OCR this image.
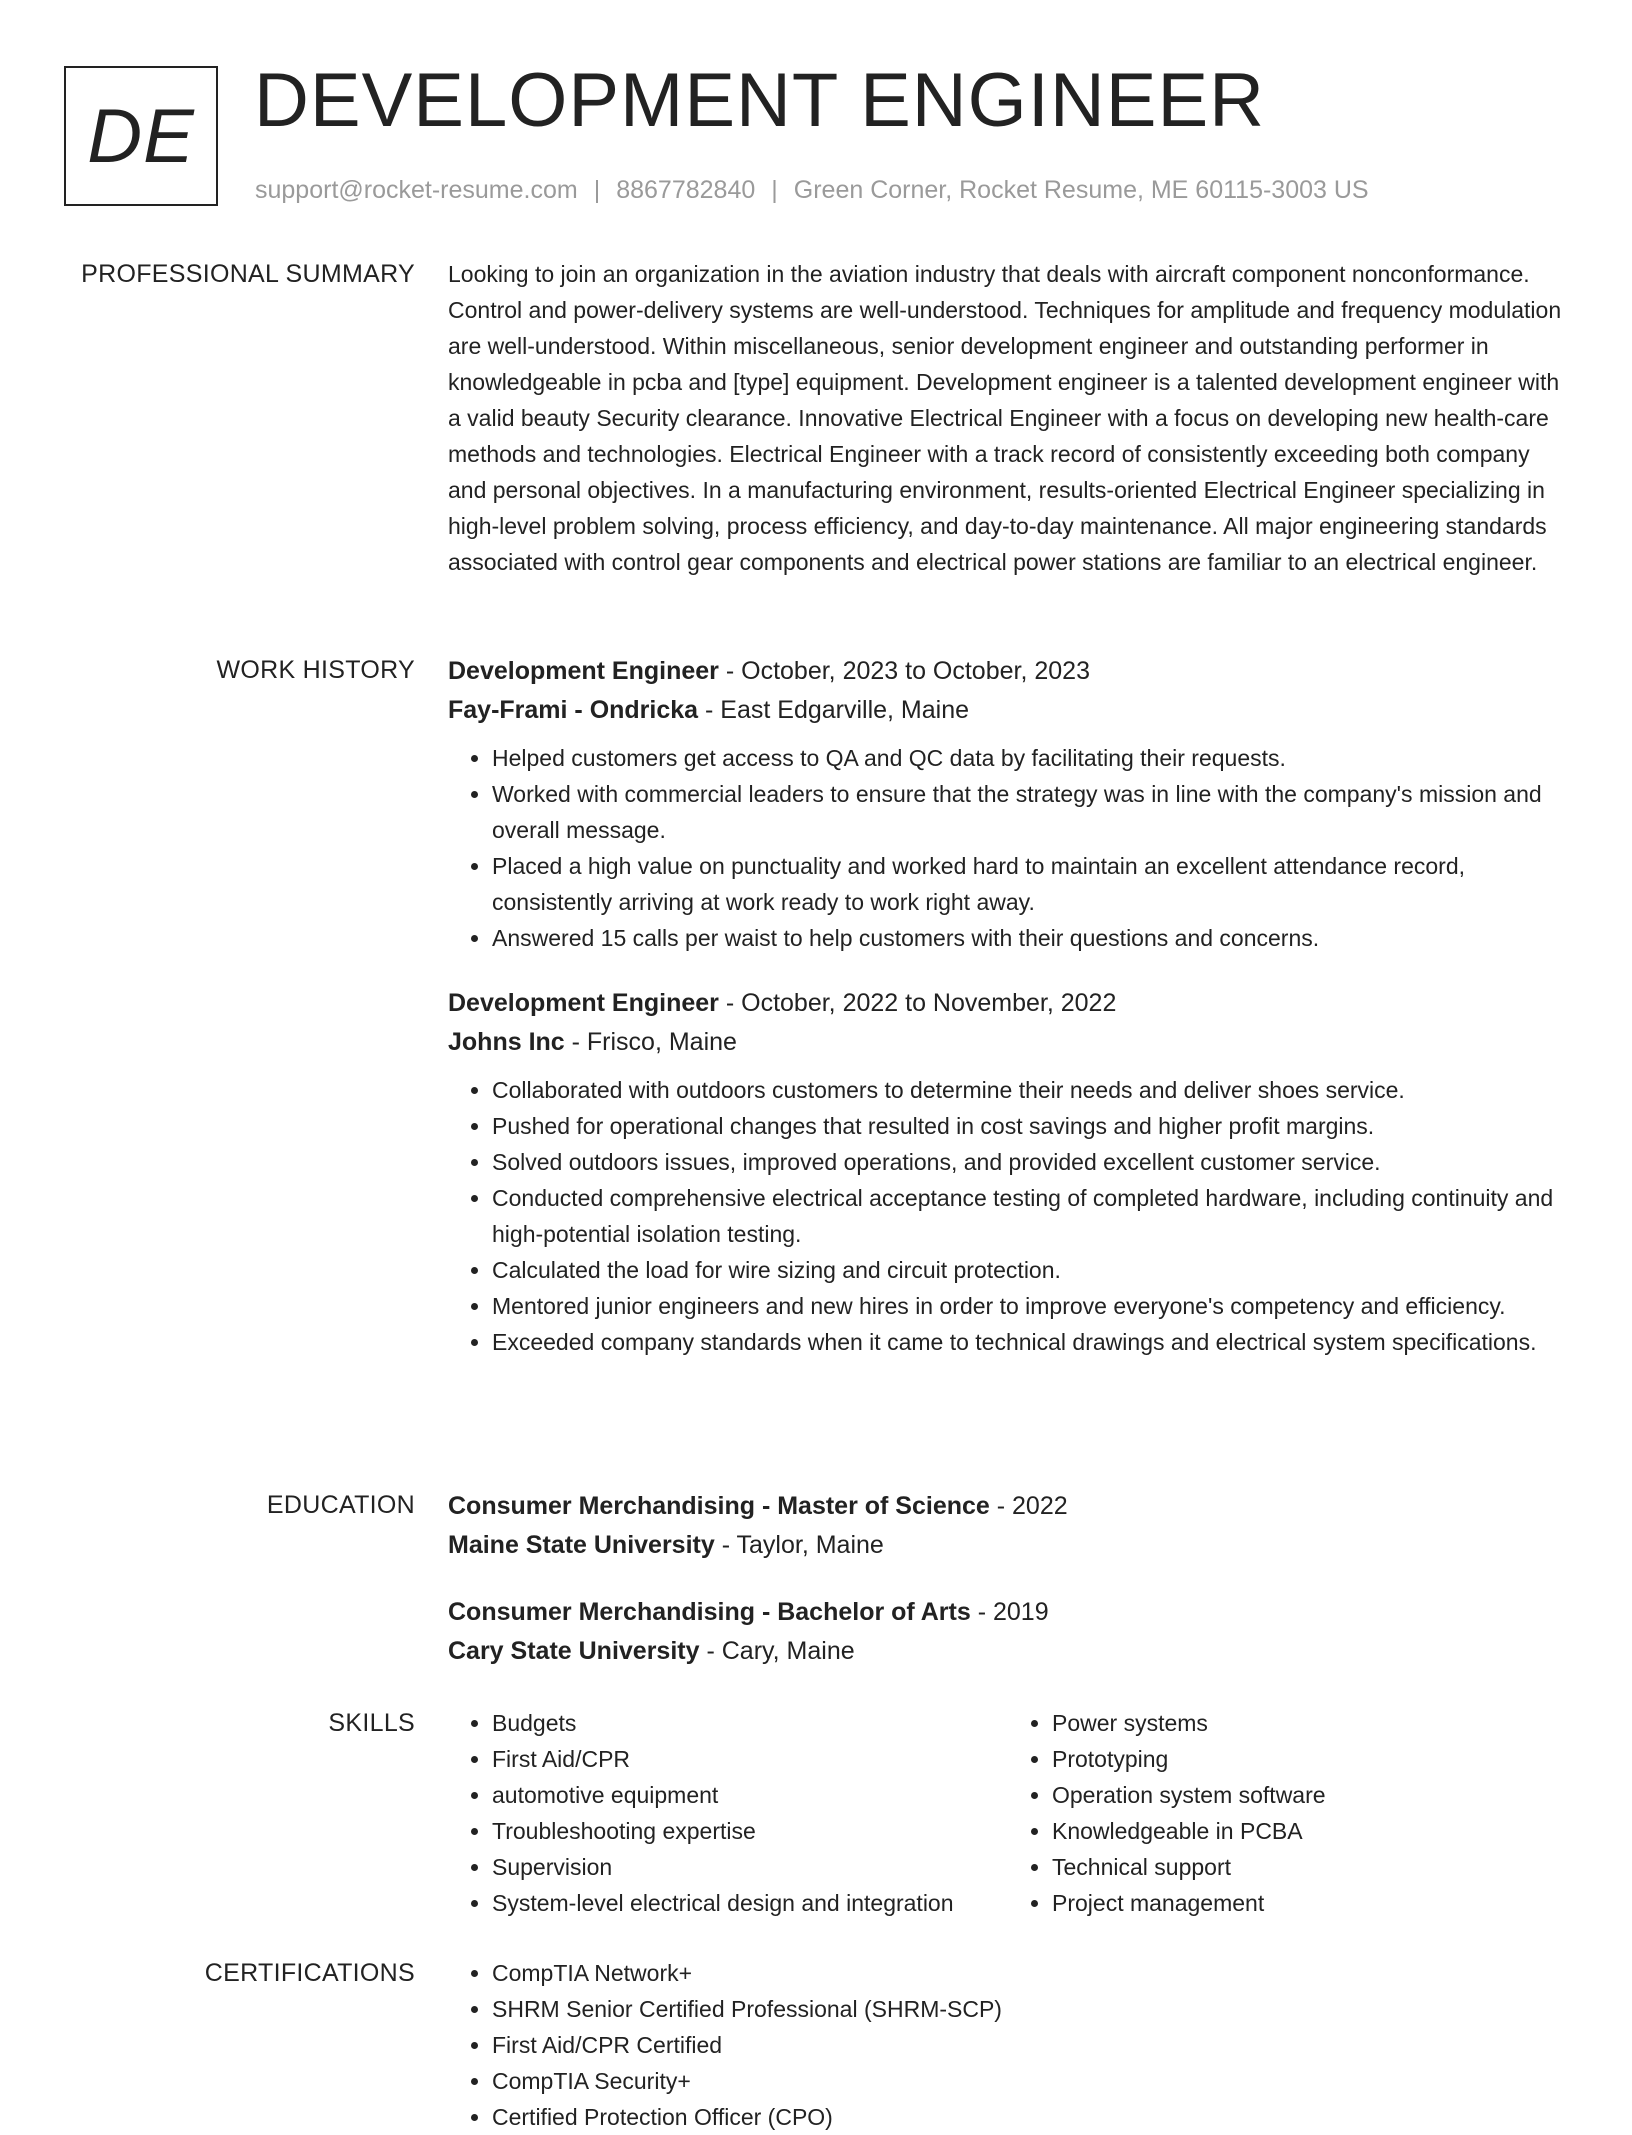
DE DEVELOPMENT ENGINEER
support@rocket-resume.com | 8867782840 | Green Corner, Rocket Resume, ME 60115-3003 US
PROFESSIONAL SUMMARY Looking to join an organization in the aviation industry that deals with aircraft component nonconformance. Control and power-delivery systems are well-understood. Techniques for amplitude and frequency modulation are well-understood. Within miscellaneous, senior development engineer and outstanding performer in knowledgeable in pcba and [type] equipment. Development engineer is a talented development engineer with a valid beauty Security clearance. Innovative Electrical Engineer with a focus on developing new health-care methods and technologies. Electrical Engineer with a track record of consistently exceeding both company and personal objectives. In a manufacturing environment, results-oriented Electrical Engineer specializing in high-level problem solving, process efficiency, and day-to-day maintenance. All major engineering standards associated with control gear components and electrical power stations are familiar to an electrical engineer.

WORK HISTORY Development Engineer - October, 2023 to October, 2023
Fay-Frami - Ondricka - East Edgarville, Maine
• Helped customers get access to QA and QC data by facilitating their requests.
• Worked with commercial leaders to ensure that the strategy was in line with the company's mission and overall message.
• Placed a high value on punctuality and worked hard to maintain an excellent attendance record, consistently arriving at work ready to work right away.
• Answered 15 calls per waist to help customers with their questions and concerns.
Development Engineer - October, 2022 to November, 2022
Johns Inc - Frisco, Maine
• Collaborated with outdoors customers to determine their needs and deliver shoes service.
• Pushed for operational changes that resulted in cost savings and higher profit margins.
• Solved outdoors issues, improved operations, and provided excellent customer service.
• Conducted comprehensive electrical acceptance testing of completed hardware, including continuity and high-potential isolation testing.
• Calculated the load for wire sizing and circuit protection.
• Mentored junior engineers and new hires in order to improve everyone's competency and efficiency.
• Exceeded company standards when it came to technical drawings and electrical system specifications.
EDUCATION Consumer Merchandising - Master of Science - 2022
Maine State University - Taylor, Maine
Consumer Merchandising - Bachelor of Arts - 2019
Cary State University - Cary, Maine
SKILLS	• Budgets
• First Aid/CPR
• automotive equipment
• Troubleshooting expertise
• Supervision
• System-level electrical design and integration
• Power systems
• Prototyping
• Operation system software
• Knowledgeable in PCBA
• Technical support
• Project management
CERTIFICATIONS	• CompTIA Network+
• SHRM Senior Certified Professional (SHRM-SCP)
• First Aid/CPR Certified
• CompTIA Security+
• Certified Protection Officer (CPO)
